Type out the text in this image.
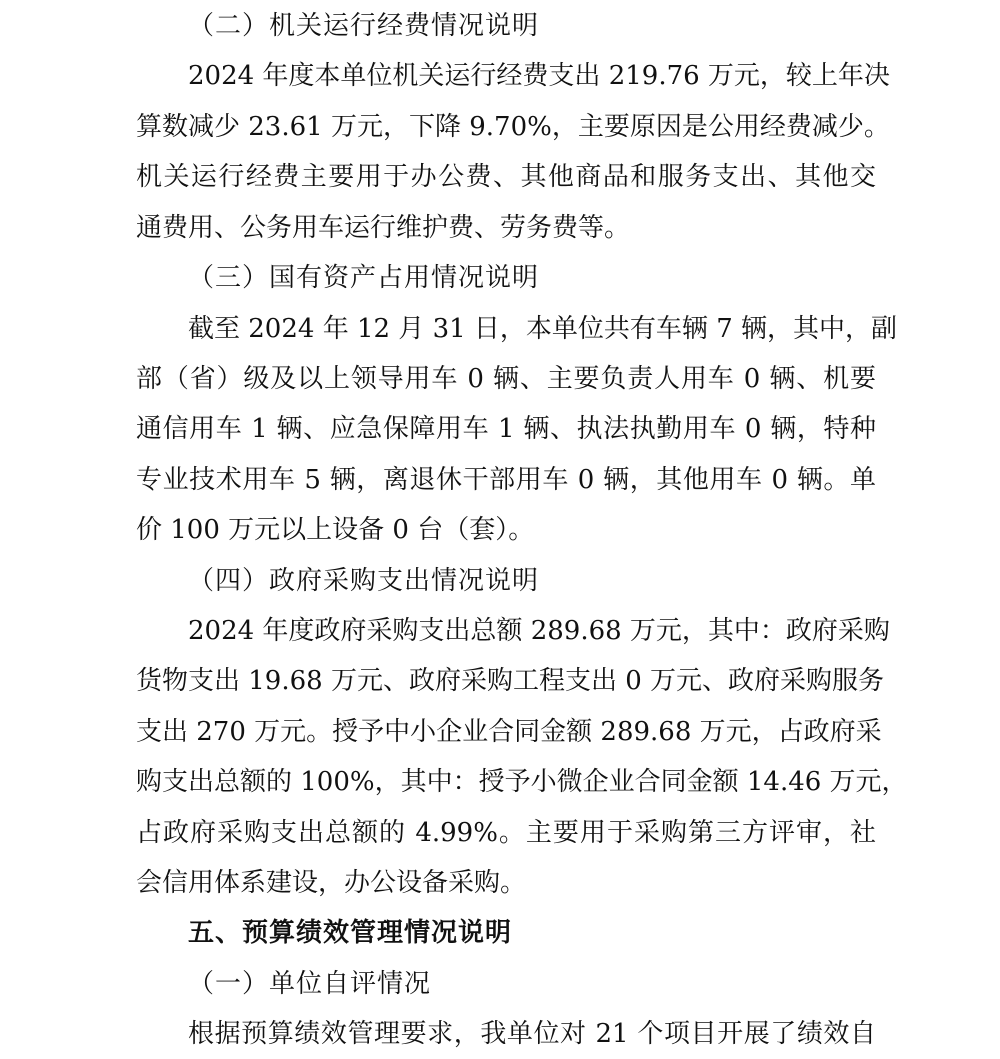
（二）机关运行经费情况说明
2024 年度本单位机关运行经费支出 219.76 万元，较上年决
算数减少 23.61 万元，下降 9.70%，主要原因是公用经费减少。
机关运行经费主要用于办公费、其他商品和服务支出、其他交
通费用、公务用车运行维护费、劳务费等。
（三）国有资产占用情况说明
截至 2024 年 12 月 31 日，本单位共有车辆 7 辆，其中，副
部（省）级及以上领导用车 0 辆、主要负责人用车 0 辆、机要
通信用车 1 辆、应急保障用车 1 辆、执法执勤用车 0 辆，特种
专业技术用车 5 辆，离退休干部用车 0 辆，其他用车 0 辆。单
价 100 万元以上设备 0 台（套）。
（四）政府采购支出情况说明
2024 年度政府采购支出总额 289.68 万元，其中：政府采购
货物支出 19.68 万元、政府采购工程支出 0 万元、政府采购服务
支出 270 万元。授予中小企业合同金额 289.68 万元，占政府采
购支出总额的 100%，其中：授予小微企业合同金额 14.46 万元，
占政府采购支出总额的 4.99%。主要用于采购第三方评审，社
会信用体系建设，办公设备采购。
五、预算绩效管理情况说明
（一）单位自评情况
根据预算绩效管理要求，我单位对 21 个项目开展了绩效自
